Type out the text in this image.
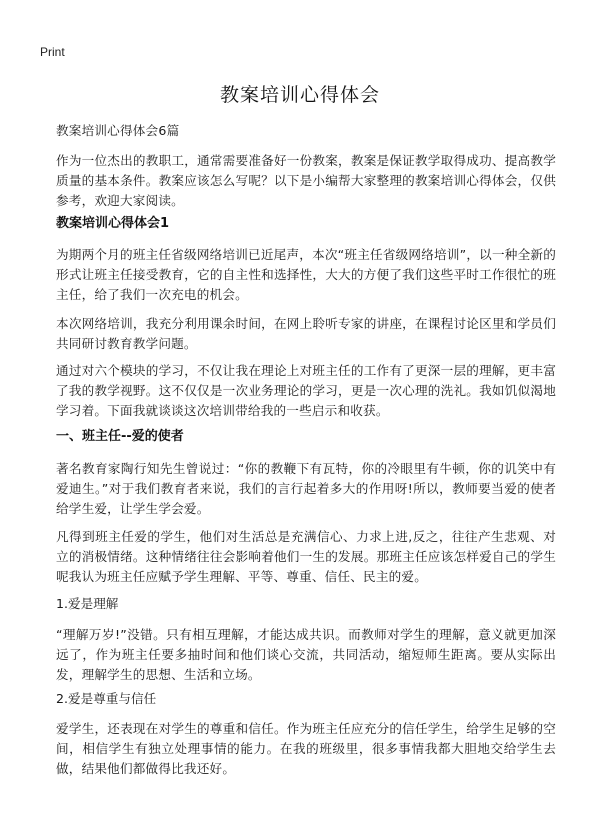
Print
教案培训心得体会

教案培训心得体会6篇

作为一位杰出的教职工，通常需要准备好一份教案，教案是保证教学取得成功、提高教学质量的基本条件。教案应该怎么写呢？以下是小编帮大家整理的教案培训心得体会，仅供参考，欢迎大家阅读。

教案培训心得体会1

为期两个月的班主任省级网络培训已近尾声，本次“班主任省级网络培训”，以一种全新的形式让班主任接受教育，它的自主性和选择性，大大的方便了我们这些平时工作很忙的班主任，给了我们一次充电的机会。

本次网络培训，我充分利用课余时间，在网上聆听专家的讲座，在课程讨论区里和学员们共同研讨教育教学问题。

通过对六个模块的学习，不仅让我在理论上对班主任的工作有了更深一层的理解，更丰富了我的教学视野。这不仅仅是一次业务理论的学习，更是一次心理的洗礼。我如饥似渴地学习着。下面我就谈谈这次培训带给我的一些启示和收获。

一、班主任--爱的使者

著名教育家陶行知先生曾说过：“你的教鞭下有瓦特，你的冷眼里有牛顿，你的讥笑中有爱迪生。”对于我们教育者来说，我们的言行起着多大的作用呀!所以，教师要当爱的使者给学生爱，让学生学会爱。

凡得到班主任爱的学生，他们对生活总是充满信心、力求上进,反之，往往产生悲观、对立的消极情绪。这种情绪往往会影响着他们一生的发展。那班主任应该怎样爱自己的学生呢我认为班主任应赋予学生理解、平等、尊重、信任、民主的爱。

1.爱是理解

“理解万岁!”没错。只有相互理解，才能达成共识。而教师对学生的理解，意义就更加深远了，作为班主任要多抽时间和他们谈心交流，共同活动，缩短师生距离。要从实际出发，理解学生的思想、生活和立场。

2.爱是尊重与信任

爱学生，还表现在对学生的尊重和信任。作为班主任应充分的信任学生，给学生足够的空间，相信学生有独立处理事情的能力。在我的班级里，很多事情我都大胆地交给学生去做，结果他们都做得比我还好。
